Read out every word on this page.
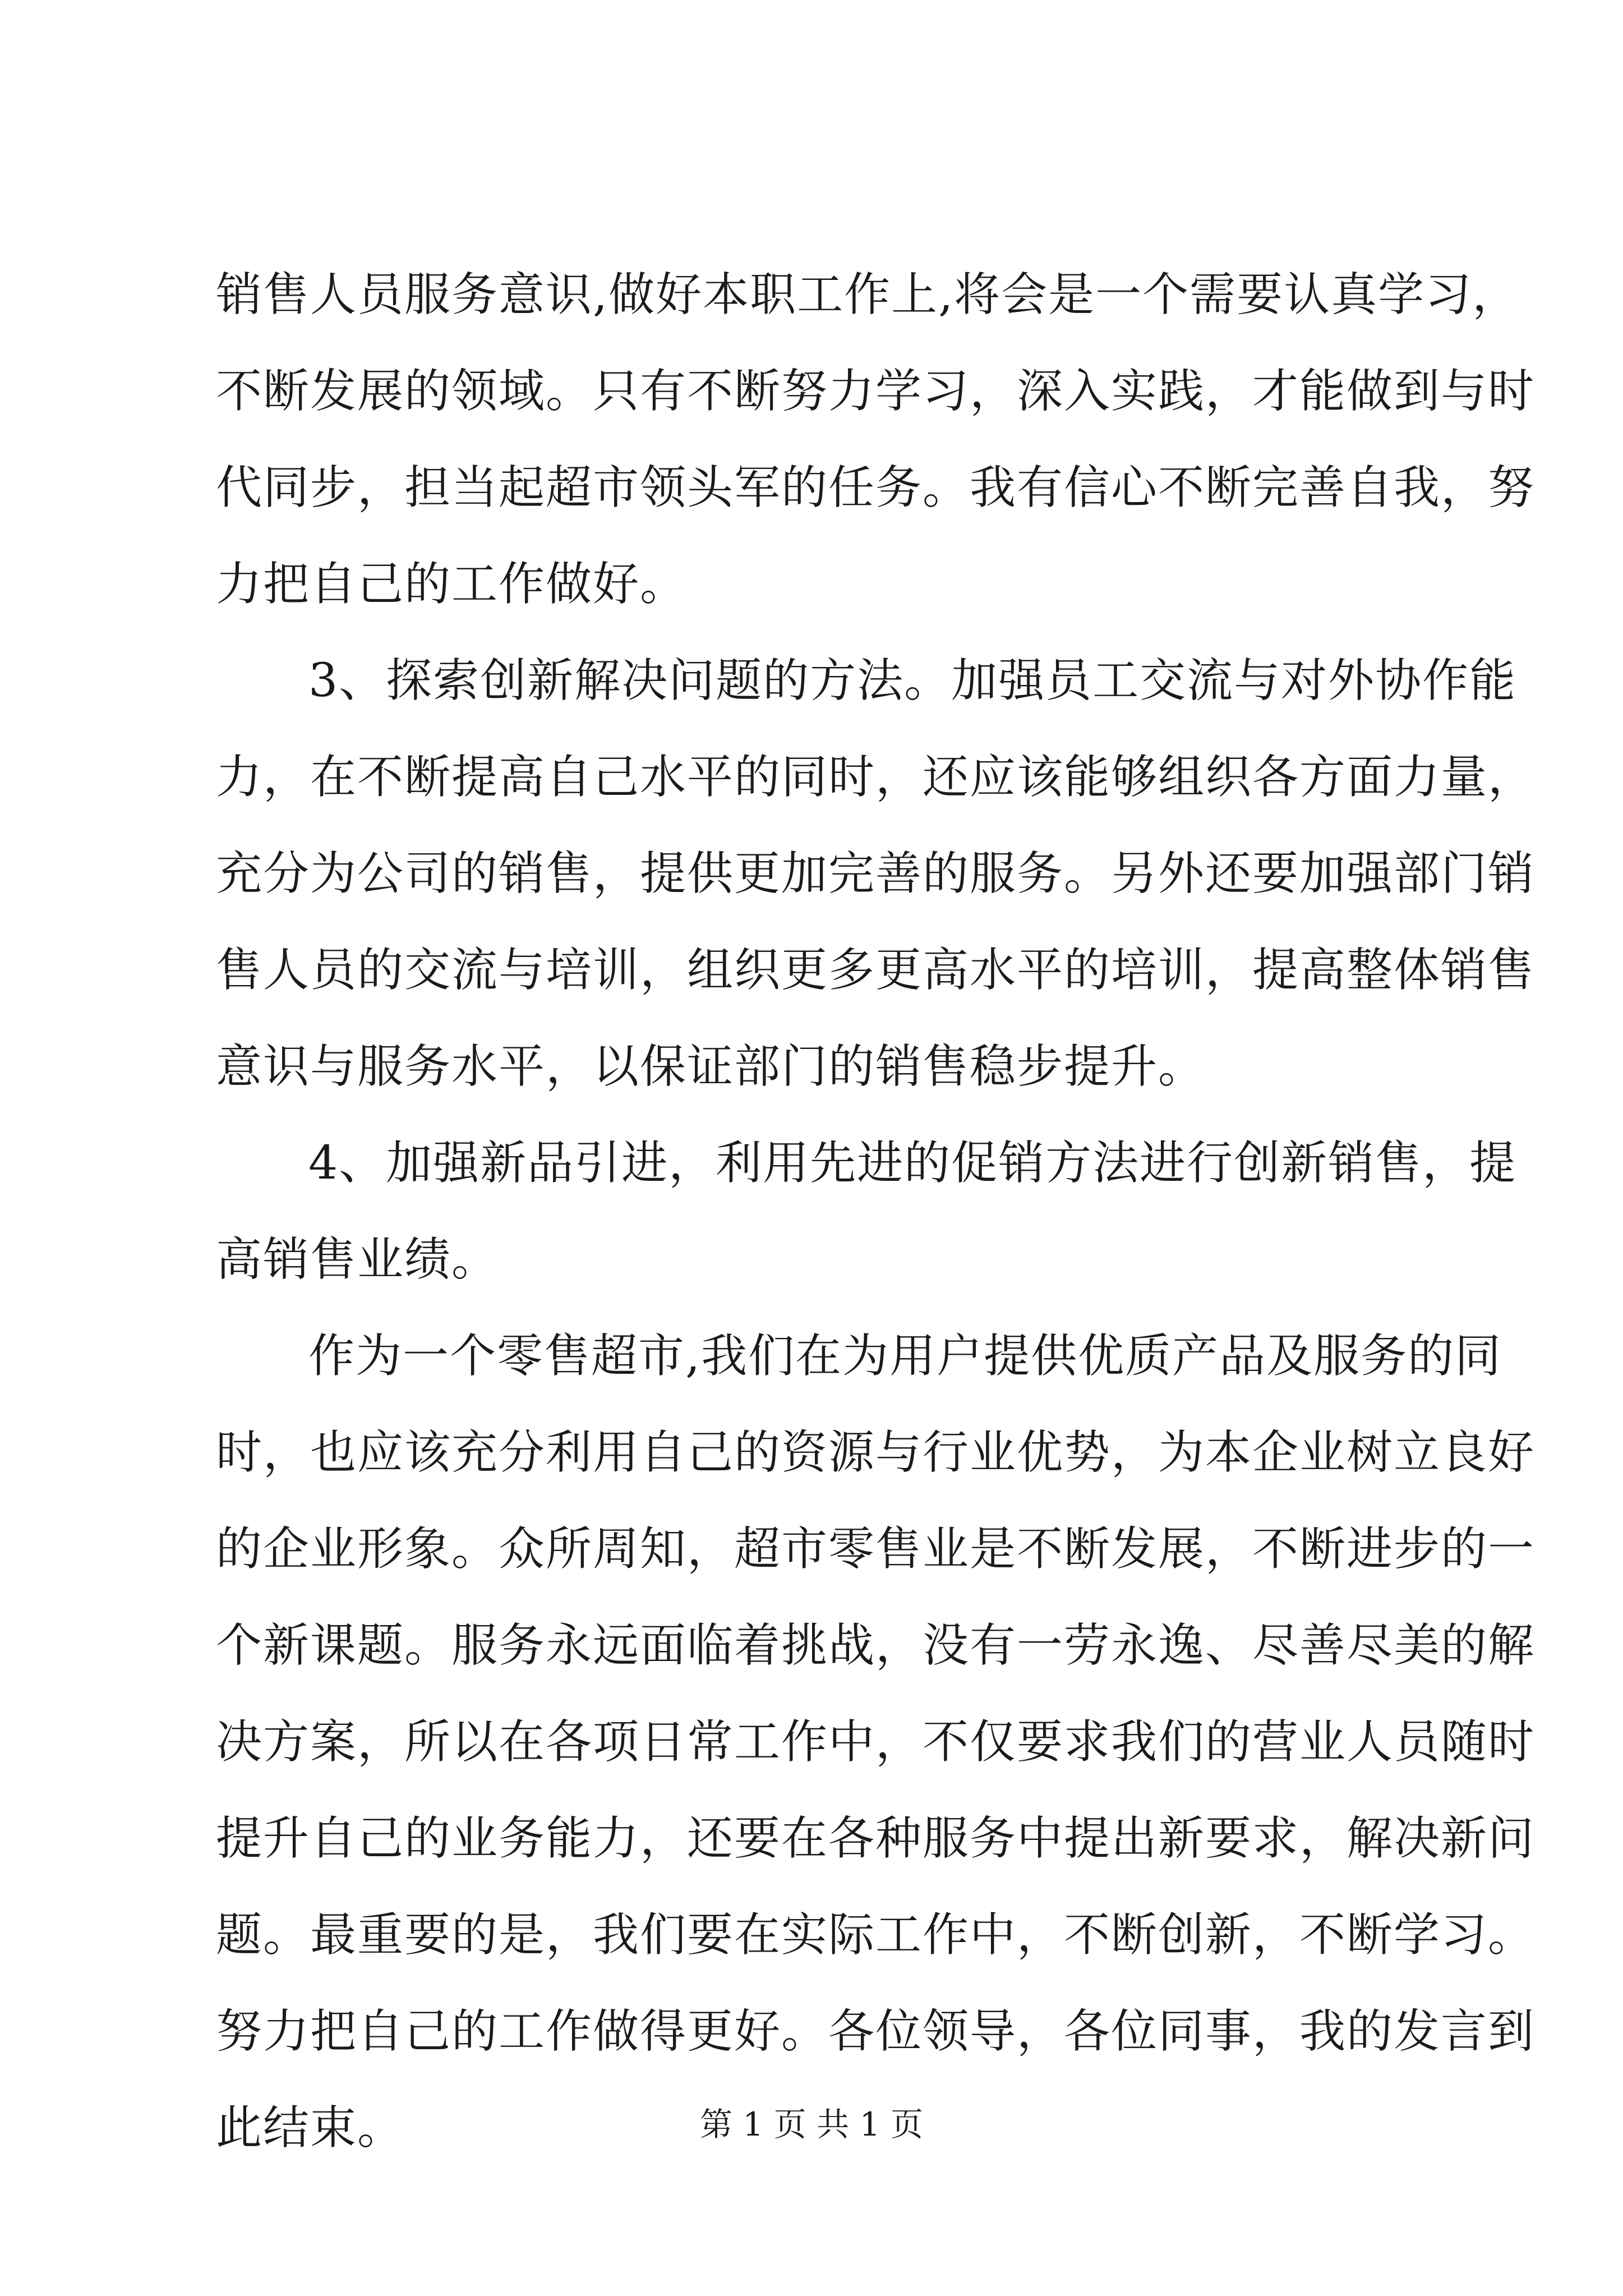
销售人员服务意识,做好本职工作上,将会是一个需要认真学习，
不断发展的领域。只有不断努力学习，深入实践，才能做到与时
代同步，担当起超市领头军的任务。我有信心不断完善自我，努
力把自己的工作做好。
3、探索创新解决问题的方法。加强员工交流与对外协作能
力，在不断提高自己水平的同时，还应该能够组织各方面力量，
充分为公司的销售，提供更加完善的服务。另外还要加强部门销
售人员的交流与培训，组织更多更高水平的培训，提高整体销售
意识与服务水平，以保证部门的销售稳步提升。
4、加强新品引进，利用先进的促销方法进行创新销售，提
高销售业绩。
作为一个零售超市,我们在为用户提供优质产品及服务的同
时，也应该充分利用自己的资源与行业优势，为本企业树立良好
的企业形象。众所周知，超市零售业是不断发展，不断进步的一
个新课题。服务永远面临着挑战，没有一劳永逸、尽善尽美的解
决方案，所以在各项日常工作中，不仅要求我们的营业人员随时
提升自己的业务能力，还要在各种服务中提出新要求，解决新问
题。最重要的是，我们要在实际工作中，不断创新，不断学习。
努力把自己的工作做得更好。各位领导，各位同事，我的发言到
此结束。	第 1 页 共 1 页
